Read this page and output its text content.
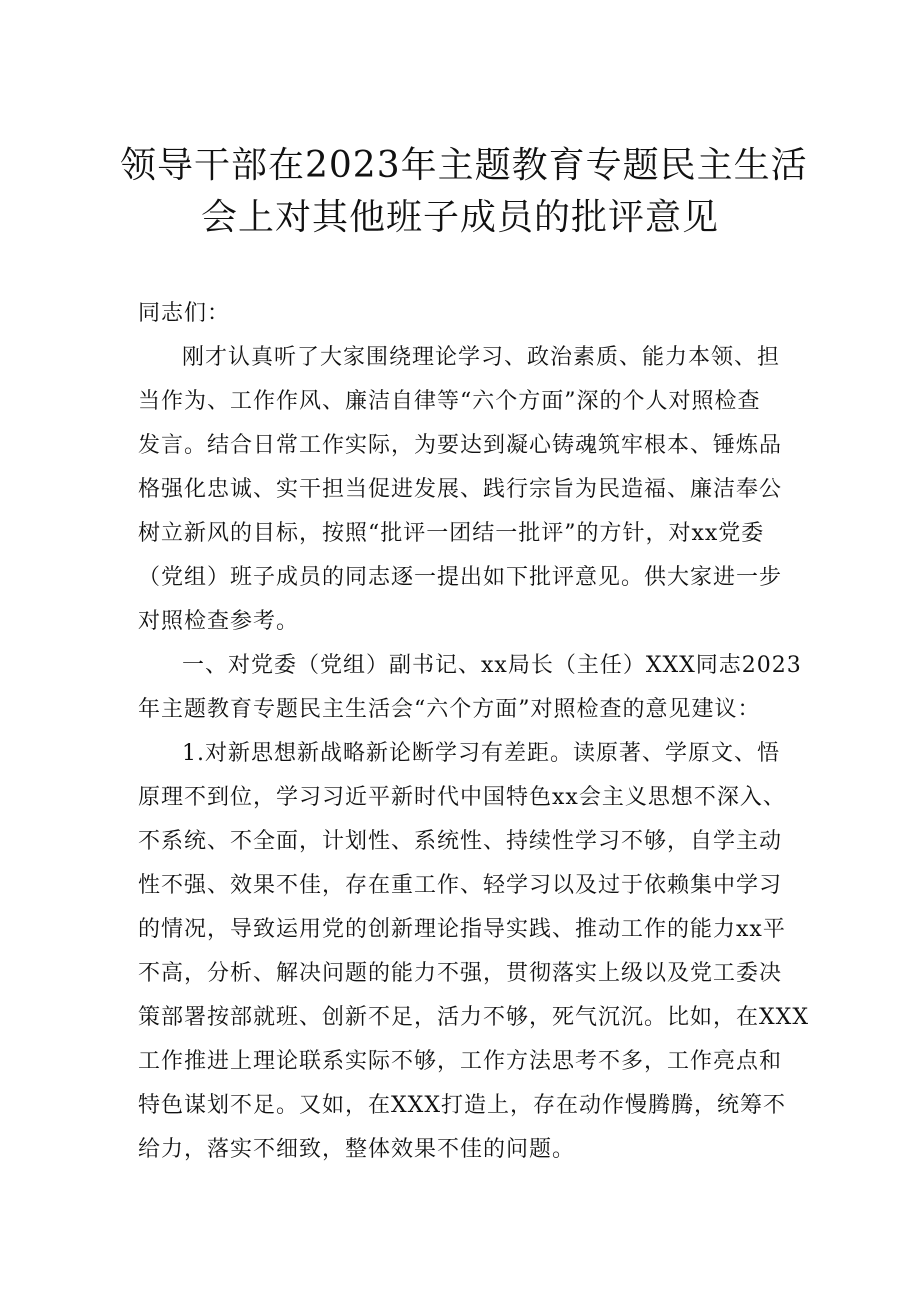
领导干部在2023年主题教育专题民主生活
会上对其他班子成员的批评意见
同志们：
刚才认真听了大家围绕理论学习、政治素质、能力本领、担
当作为、工作作风、廉洁自律等“六个方面”深的个人对照检查
发言。结合日常工作实际，为要达到凝心铸魂筑牢根本、锤炼品
格强化忠诚、实干担当促进发展、践行宗旨为民造福、廉洁奉公
树立新风的目标，按照“批评一团结一批评”的方针，对xx党委
（党组）班子成员的同志逐一提出如下批评意见。供大家进一步
对照检查参考。
一、对党委（党组）副书记、xx局长（主任）XXX同志2023
年主题教育专题民主生活会“六个方面”对照检查的意见建议：
1.对新思想新战略新论断学习有差距。读原著、学原文、悟
原理不到位，学习习近平新时代中国特色xx会主义思想不深入、
不系统、不全面，计划性、系统性、持续性学习不够，自学主动
性不强、效果不佳，存在重工作、轻学习以及过于依赖集中学习
的情况，导致运用党的创新理论指导实践、推动工作的能力xx平
不高，分析、解决问题的能力不强，贯彻落实上级以及党工委决
策部署按部就班、创新不足，活力不够，死气沉沉。比如，在XXX
工作推进上理论联系实际不够，工作方法思考不多，工作亮点和
特色谋划不足。又如，在XXX打造上，存在动作慢腾腾，统筹不
给力，落实不细致，整体效果不佳的问题。
